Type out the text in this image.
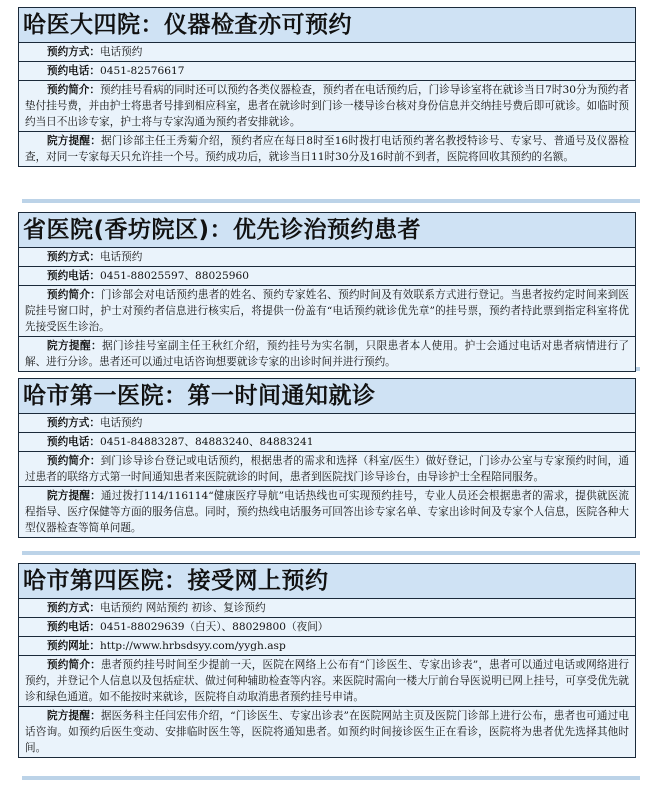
哈医大四院：仪器检查亦可预约
预约方式：电话预约
预约电话：0451-82576617
预约简介：预约挂号看病的同时还可以预约各类仪器检查，预约者在电话预约后，门诊导诊室将在就诊当日7时30分为预约者垫付挂号费，并由护士将患者号排到相应科室，患者在就诊时到门诊一楼导诊台核对身份信息并交纳挂号费后即可就诊。如临时预约当日不出诊专家，护士将与专家沟通为预约者安排就诊。
院方提醒：据门诊部主任王秀菊介绍，预约者应在每日8时至16时拨打电话预约著名教授特诊号、专家号、普通号及仪器检查，对同一专家每天只允许挂一个号。预约成功后，就诊当日11时30分及16时前不到者，医院将回收其预约的名额。
省医院(香坊院区)：优先诊治预约患者
预约方式：电话预约
预约电话：0451-88025597、88025960
预约简介：门诊部会对电话预约患者的姓名、预约专家姓名、预约时间及有效联系方式进行登记。当患者按约定时间来到医院挂号窗口时，护士对预约者信息进行核实后，将提供一份盖有“电话预约就诊优先章”的挂号票，预约者持此票到指定科室将优先接受医生诊治。
院方提醒：据门诊挂号室副主任王秋红介绍，预约挂号为实名制，只限患者本人使用。护士会通过电话对患者病情进行了解、进行分诊。患者还可以通过电话咨询想要就诊专家的出诊时间并进行预约。
哈市第一医院：第一时间通知就诊
预约方式：电话预约
预约电话：0451-84883287、84883240、84883241
预约简介：到门诊导诊台登记或电话预约，根据患者的需求和选择（科室/医生）做好登记，门诊办公室与专家预约时间，通过患者的联络方式第一时间通知患者来医院就诊的时间，患者到医院找门诊导诊台，由导诊护士全程陪同服务。
院方提醒：通过拨打114/116114“健康医疗导航”电话热线也可实现预约挂号，专业人员还会根据患者的需求，提供就医流程指导、医疗保健等方面的服务信息。同时，预约热线电话服务可回答出诊专家名单、专家出诊时间及专家个人信息，医院各种大型仪器检查等简单问题。
哈市第四医院：接受网上预约
预约方式：电话预约 网站预约 初诊、复诊预约
预约电话：0451-88029639（白天）、88029800（夜间）
预约网址：http://www.hrbsdsyy.com/yygh.asp
预约简介：患者预约挂号时间至少提前一天，医院在网络上公布有“门诊医生、专家出诊表”，患者可以通过电话或网络进行预约，并登记个人信息以及包括症状、做过何种辅助检查等内容。来医院时需向一楼大厅前台导医说明已网上挂号，可享受优先就诊和绿色通道。如不能按时来就诊，医院将自动取消患者预约挂号申请。
院方提醒：据医务科主任闫宏伟介绍，“门诊医生、专家出诊表”在医院网站主页及医院门诊部上进行公布，患者也可通过电话咨询。如预约后医生变动、安排临时医生等，医院将通知患者。如预约时间接诊医生正在看诊，医院将为患者优先选择其他时间。
